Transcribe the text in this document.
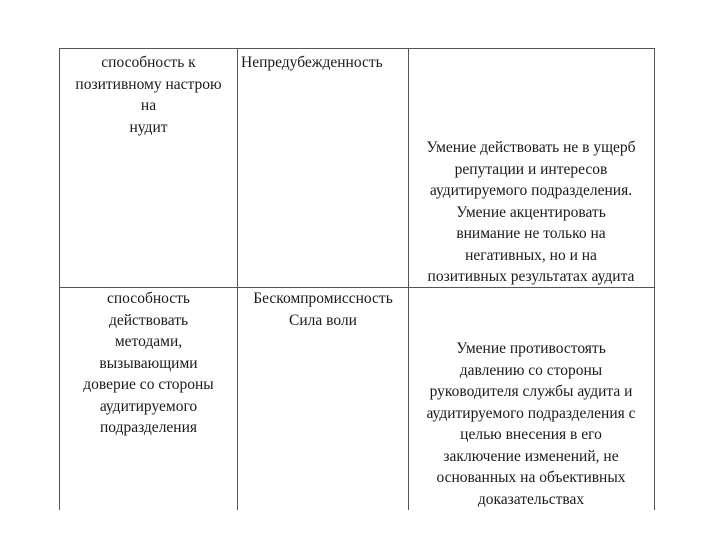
способность к
позитивному настрою
на
нудит
Непредубежденность
Умение действовать не в ущерб
репутации и интересов
аудитируемого подразделения.
Умение акцентировать
внимание не только на
негативных, но и на
позитивных результатах аудита
способность
действовать
методами,
вызывающими
доверие со стороны
аудитируемого
подразделения
Бескомпромиссность
Сила воли
Умение противостоять
давлению со стороны
руководителя службы аудита и
аудитируемого подразделения с
целью внесения в его
заключение изменений, не
основанных на объективных
доказательствах
